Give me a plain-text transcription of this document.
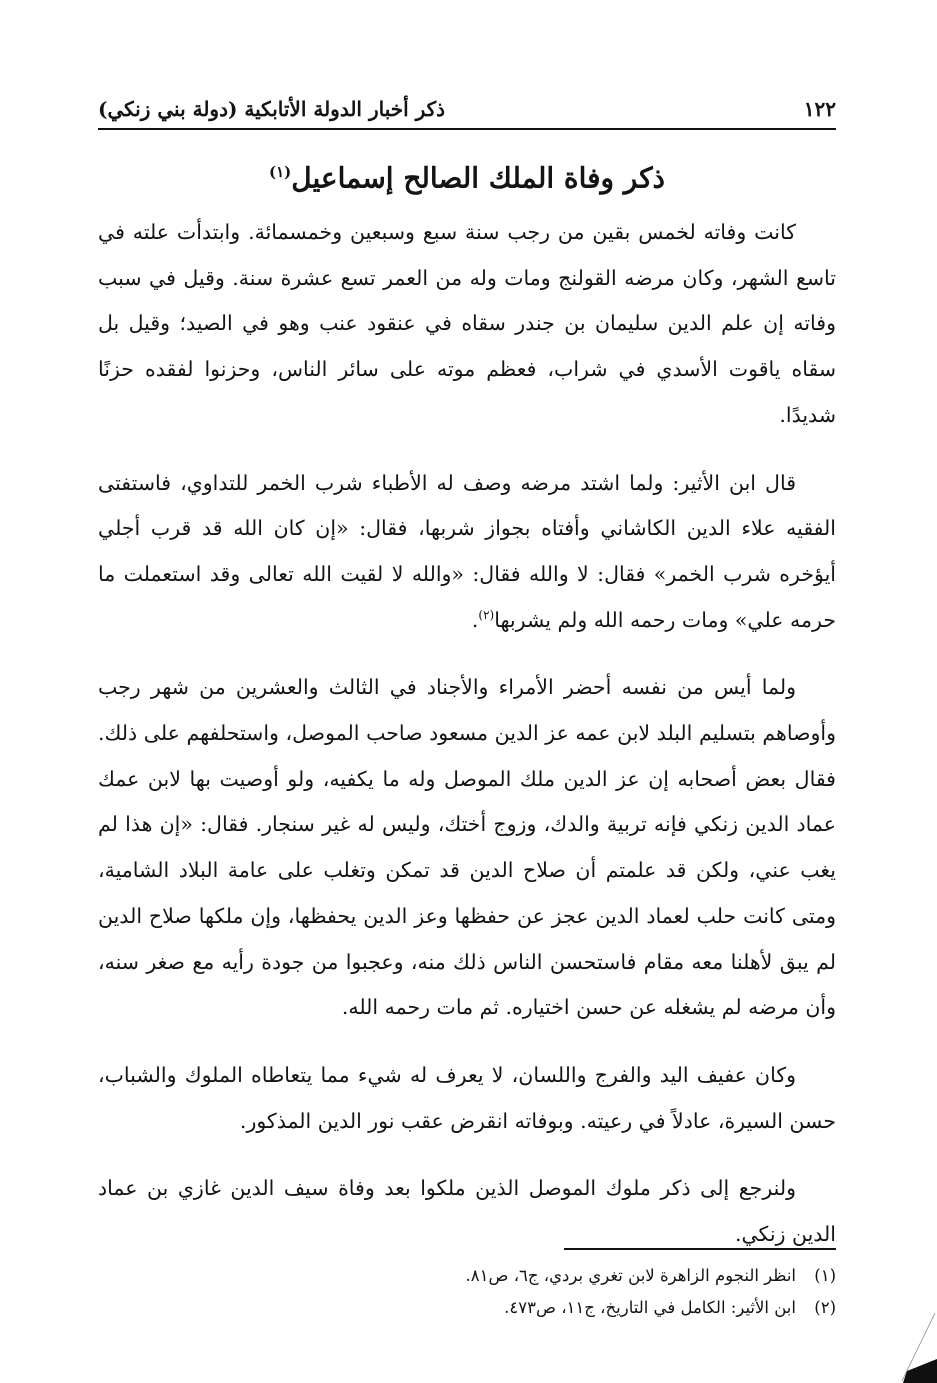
١٢٢
ذكر أخبار الدولة الأتابكية (دولة بني زنكي)
ذكر وفاة الملك الصالح إسماعيل$^{(١)}$

كانت وفاته لخمس بقين من رجب سنة سبع وسبعين وخمسمائة. وابتدأت علته في تاسع الشهر، وكان مرضه القولنج ومات وله من العمر تسع عشرة سنة. وقيل في سبب وفاته إن علم الدين سليمان بن جندر سقاه في عنقود عنب وهو في الصيد؛ وقيل بل سقاه ياقوت الأسدي في شراب، فعظم موته على سائر الناس، وحزنوا لفقده حزنًا شديدًا.

قال ابن الأثير: ولما اشتد مرضه وصف له الأطباء شرب الخمر للتداوي، فاستفتى الفقيه علاء الدين الكاشاني وأفتاه بجواز شربها، فقال: «إن كان الله قد قرب أجلي أيؤخره شرب الخمر» فقال: لا والله فقال: «والله لا لقيت الله تعالى وقد استعملت ما حرمه علي» ومات رحمه الله ولم يشربها$^{(٢)}$.

ولما أيس من نفسه أحضر الأمراء والأجناد في الثالث والعشرين من شهر رجب وأوصاهم بتسليم البلد لابن عمه عز الدين مسعود صاحب الموصل، واستحلفهم على ذلك. فقال بعض أصحابه إن عز الدين ملك الموصل وله ما يكفيه، ولو أوصيت بها لابن عمك عماد الدين زنكي فإنه تربية والدك، وزوج أختك، وليس له غير سنجار. فقال: «إن هذا لم يغب عني، ولكن قد علمتم أن صلاح الدين قد تمكن وتغلب على عامة البلاد الشامية، ومتى كانت حلب لعماد الدين عجز عن حفظها وعز الدين يحفظها، وإن ملكها صلاح الدين لم يبق لأهلنا معه مقام فاستحسن الناس ذلك منه، وعجبوا من جودة رأيه مع صغر سنه، وأن مرضه لم يشغله عن حسن اختياره. ثم مات رحمه الله.

وكان عفيف اليد والفرج واللسان، لا يعرف له شيء مما يتعاطاه الملوك والشباب، حسن السيرة، عادلاً في رعيته. وبوفاته انقرض عقب نور الدين المذكور.

ولنرجع إلى ذكر ملوك الموصل الذين ملكوا بعد وفاة سيف الدين غازي بن عماد الدين زنكي.

(١)
انظر النجوم الزاهرة لابن تغري بردي، ج٦، ص٨١.
(٢)
ابن الأثير: الكامل في التاريخ، ج١١، ص٤٧٣.
